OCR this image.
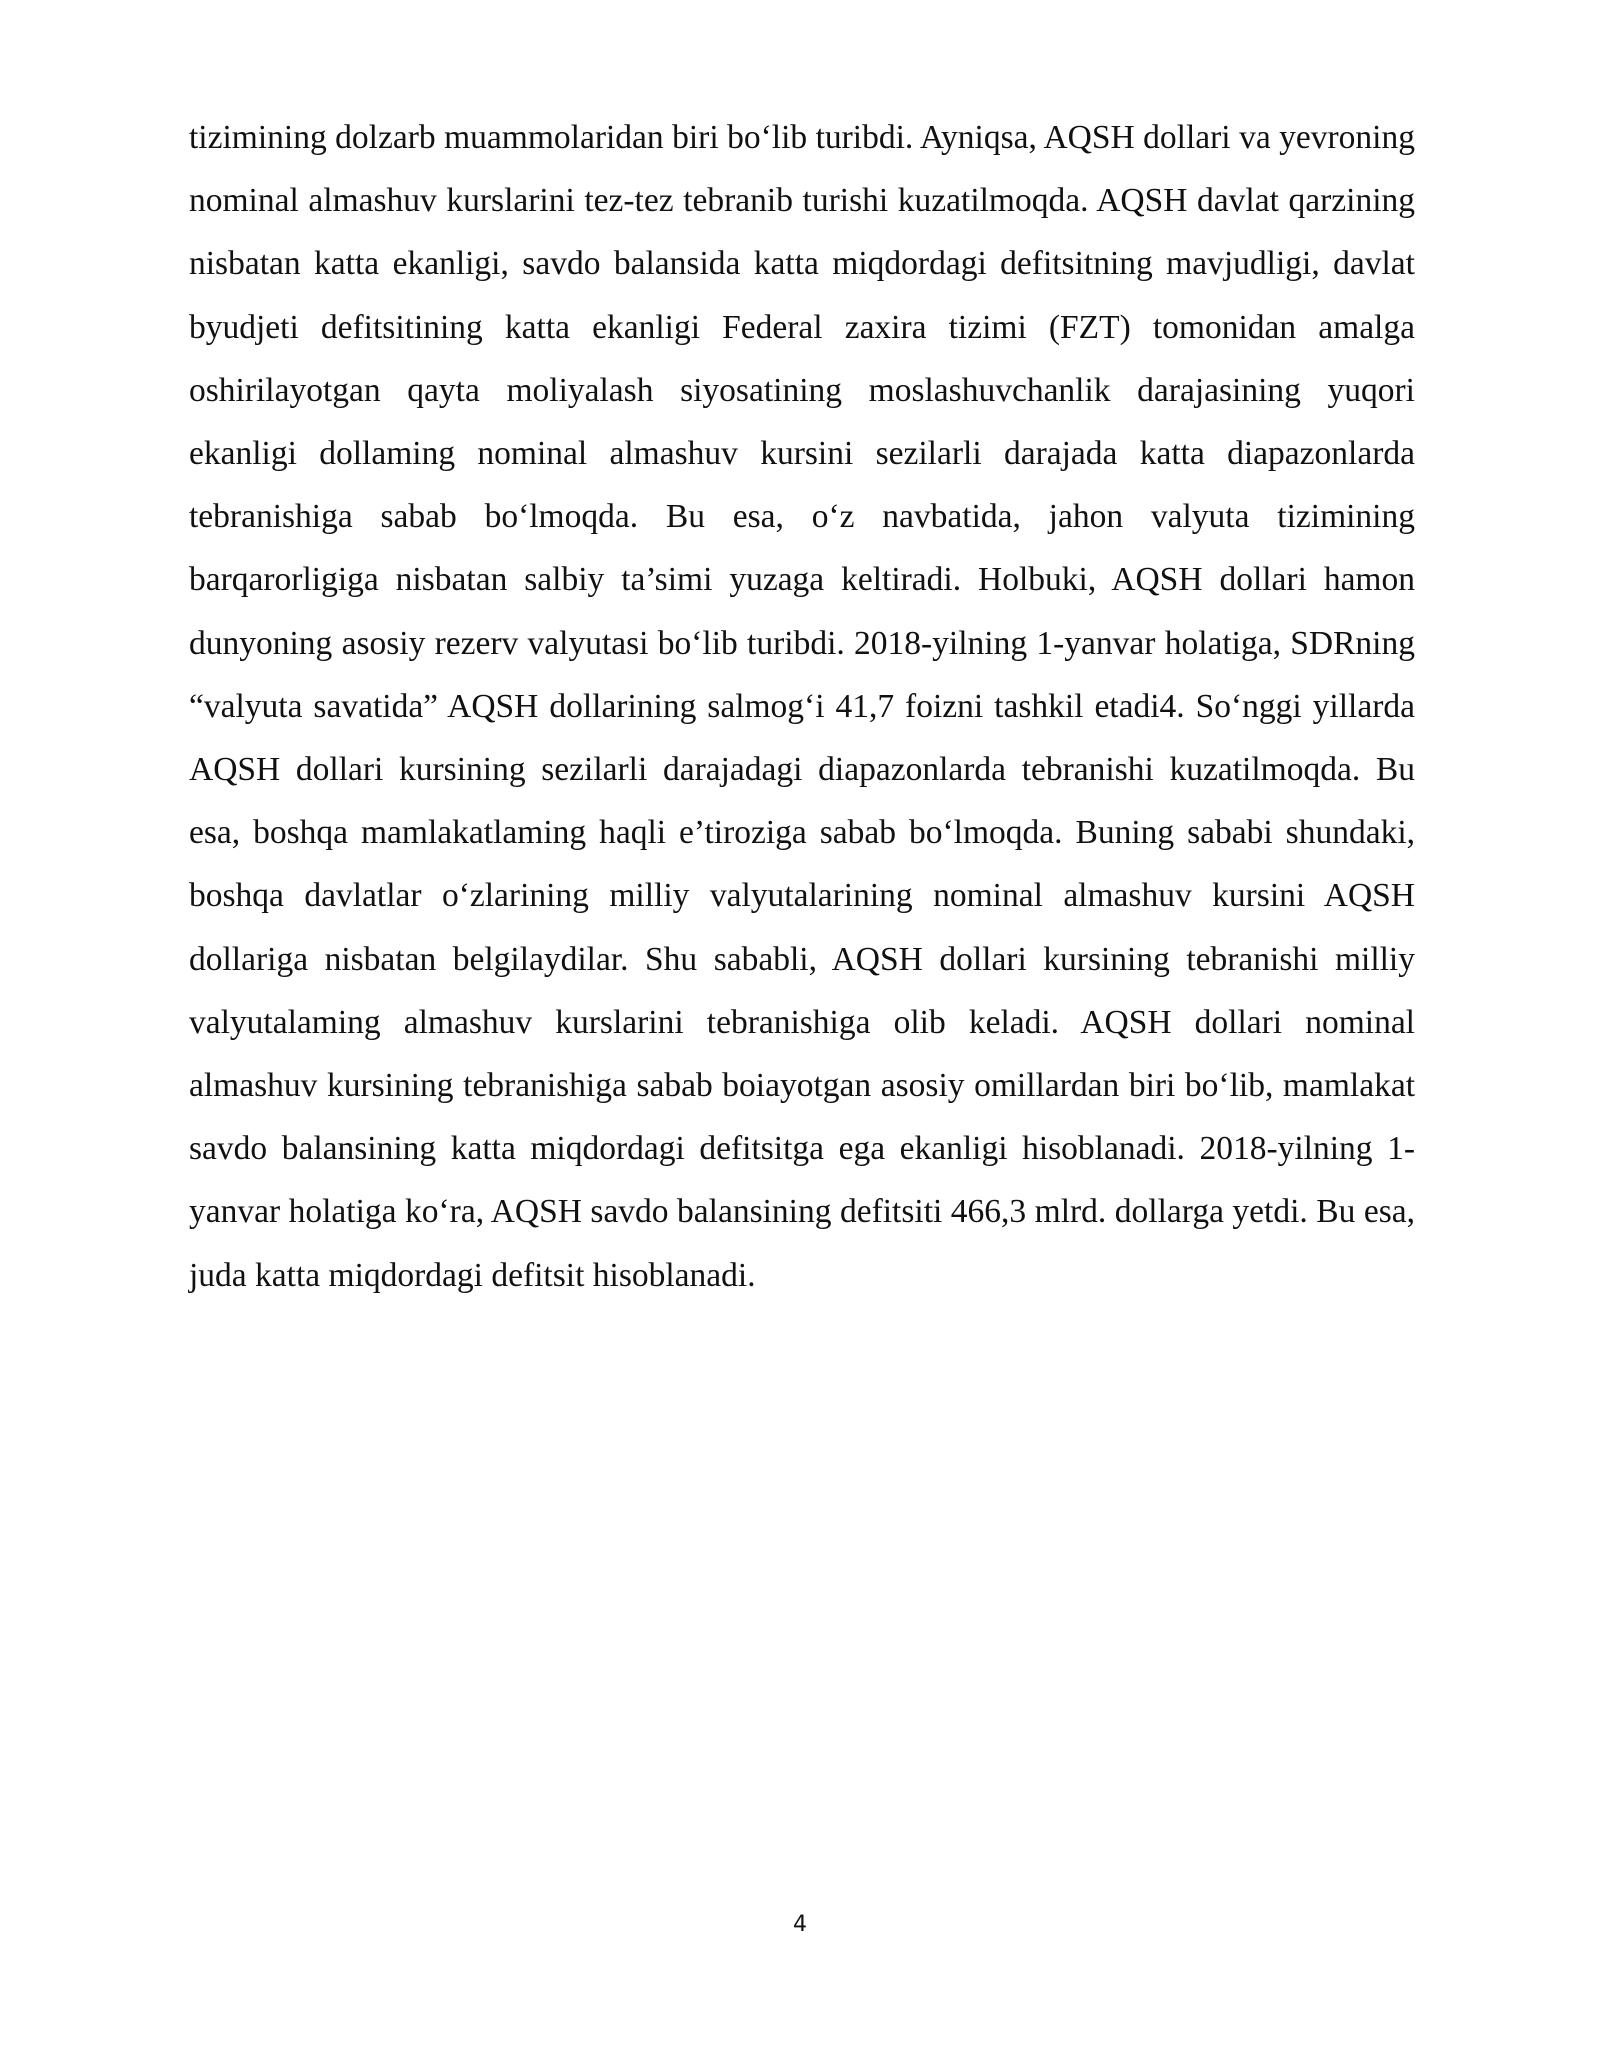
tizimining dolzarb muammolaridan biri bo‘lib turibdi. Ayniqsa, AQSH dollari va yevroning nominal almashuv kurslarini tez-tez tebranib turishi kuzatilmoqda. AQSH davlat qarzining nisbatan katta ekanligi, savdo balansida katta miqdordagi defitsitning mavjudligi, davlat byudjeti defitsitining katta ekanligi Federal zaxira tizimi (FZT) tomonidan amalga oshirilayotgan qayta moliyalash siyosatining moslashuvchanlik darajasining yuqori ekanligi dollaming nominal almashuv kursini sezilarli darajada katta diapazonlarda tebranishiga sabab bo‘lmoqda. Bu esa, o‘z navbatida, jahon valyuta tizimining barqarorligiga nisbatan salbiy ta’simi yuzaga keltiradi. Holbuki, AQSH dollari hamon dunyoning asosiy rezerv valyutasi bo‘lib turibdi. 2018-yilning 1-yanvar holatiga, SDRning “valyuta savatida” AQSH dollarining salmog‘i 41,7 foizni tashkil etadi4. So‘nggi yillarda AQSH dollari kursining sezilarli darajadagi diapazonlarda tebranishi kuzatilmoqda. Bu esa, boshqa mamlakatlaming haqli e’tiroziga sabab bo‘lmoqda. Buning sababi shundaki, boshqa davlatlar o‘zlarining milliy valyutalarining nominal almashuv kursini AQSH dollariga nisbatan belgilaydilar. Shu sababli, AQSH dollari kursining tebranishi milliy valyutalaming almashuv kurslarini tebranishiga olib keladi. AQSH dollari nominal almashuv kursining tebranishiga sabab boiayotgan asosiy omillardan biri bo‘lib, mamlakat savdo balansining katta miqdordagi defitsitga ega ekanligi hisoblanadi. 2018-yilning 1- yanvar holatiga ko‘ra, AQSH savdo balansining defitsiti 466,3 mlrd. dollarga yetdi. Bu esa, juda katta miqdordagi defitsit hisoblanadi.

4
